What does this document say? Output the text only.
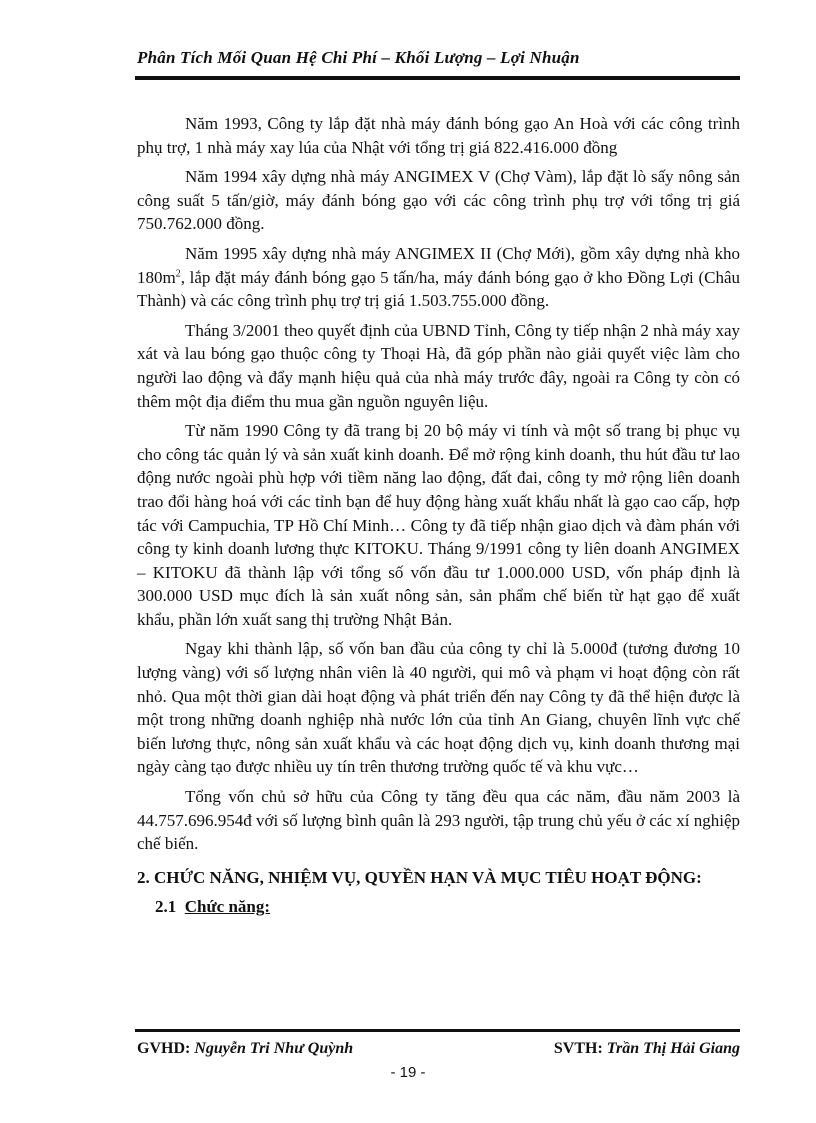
Phân Tích Mối Quan Hệ Chi Phí – Khối Lượng – Lợi Nhuận

Năm 1993, Công ty lắp đặt nhà máy đánh bóng gạo An Hoà với các công trình phụ trợ, 1 nhà máy xay lúa của Nhật với tổng trị giá 822.416.000 đồng

Năm 1994 xây dựng nhà máy ANGIMEX V (Chợ Vàm), lắp đặt lò sấy nông sản công suất 5 tấn/giờ, máy đánh bóng gạo với các công trình phụ trợ với tổng trị giá 750.762.000 đồng.

Năm 1995 xây dựng nhà máy ANGIMEX II (Chợ Mới), gồm xây dựng nhà kho $180m^2$, lắp đặt máy đánh bóng gạo 5 tấn/ha, máy đánh bóng gạo ở kho Đồng Lợi (Châu Thành) và các công trình phụ trợ trị giá 1.503.755.000 đồng.

Tháng 3/2001 theo quyết định của UBND Tỉnh, Công ty tiếp nhận 2 nhà máy xay xát và lau bóng gạo thuộc công ty Thoại Hà, đã góp phần nào giải quyết việc làm cho người lao động và đẩy mạnh hiệu quả của nhà máy trước đây, ngoài ra Công ty còn có thêm một địa điểm thu mua gần nguồn nguyên liệu.

Từ năm 1990 Công ty đã trang bị 20 bộ máy vi tính và một số trang bị phục vụ cho công tác quản lý và sản xuất kinh doanh. Để mở rộng kinh doanh, thu hút đầu tư lao động nước ngoài phù hợp với tiềm năng lao động, đất đai, công ty mở rộng liên doanh trao đổi hàng hoá với các tỉnh bạn để huy động hàng xuất khẩu nhất là gạo cao cấp, hợp tác với Campuchia, TP Hồ Chí Minh… Công ty đã tiếp nhận giao dịch và đàm phán với công ty kinh doanh lương thực KITOKU. Tháng 9/1991 công ty liên doanh ANGIMEX – KITOKU đã thành lập với tổng số vốn đầu tư 1.000.000 USD, vốn pháp định là 300.000 USD mục đích là sản xuất nông sản, sản phẩm chế biến từ hạt gạo để xuất khẩu, phần lớn xuất sang thị trường Nhật Bản.

Ngay khi thành lập, số vốn ban đầu của công ty chỉ là 5.000đ (tương đương 10 lượng vàng) với số lượng nhân viên là 40 người, qui mô và phạm vi hoạt động còn rất nhỏ. Qua một thời gian dài hoạt động và phát triển đến nay Công ty đã thể hiện được là một trong những doanh nghiệp nhà nước lớn của tỉnh An Giang, chuyên lĩnh vực chế biến lương thực, nông sản xuất khẩu và các hoạt động dịch vụ, kinh doanh thương mại ngày càng tạo được nhiều uy tín trên thương trường quốc tế và khu vực…

Tổng vốn chủ sở hữu của Công ty tăng đều qua các năm, đầu năm 2003 là 44.757.696.954đ với số lượng bình quân là 293 người, tập trung chủ yếu ở các xí nghiệp chế biến.

2. CHỨC NĂNG, NHIỆM VỤ, QUYỀN HẠN VÀ MỤC TIÊU HOẠT ĐỘNG:

2.1 Chức năng:

GVHD: Nguyễn Tri Như Quỳnh	SVTH: Trần Thị Hải Giang
- 19 -
